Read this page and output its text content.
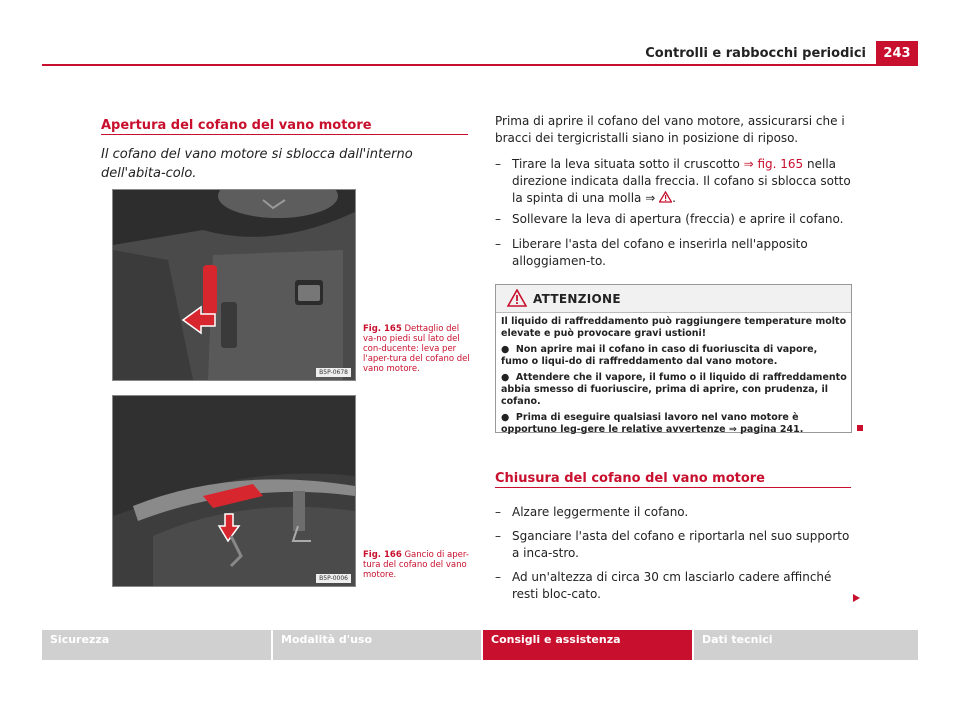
Controlli e rabbocchi periodici	243
Apertura del cofano del vano motore
Il cofano del vano motore si sblocca dall'interno dell'abita-colo.
B5P-0678
Fig. 165 Dettaglio del va-no piedi sul lato del con-ducente: leva per l'aper-tura del cofano del vano motore.
B5P-0006
Fig. 166 Gancio di aper-tura del cofano del vano motore.
Prima di aprire il cofano del vano motore, assicurarsi che i bracci dei tergicristalli siano in posizione di riposo.
– Tirare la leva situata sotto il cruscotto ⇒ fig. 165 nella direzione indicata dalla freccia. Il cofano si sblocca sotto la spinta di una molla ⇒ .
– Sollevare la leva di apertura (freccia) e aprire il cofano.
– Liberare l'asta del cofano e inserirla nell'apposito alloggiamen-to.
ATTENZIONE

Il liquido di raffreddamento può raggiungere temperature molto elevate e può provocare gravi ustioni!

● Non aprire mai il cofano in caso di fuoriuscita di vapore, fumo o liqui-do di raffreddamento dal vano motore.

● Attendere che il vapore, il fumo o il liquido di raffreddamento abbia smesso di fuoriuscire, prima di aprire, con prudenza, il cofano.

● Prima di eseguire qualsiasi lavoro nel vano motore è opportuno leg-gere le relative avvertenze ⇒ pagina 241.

Chiusura del cofano del vano motore
– Alzare leggermente il cofano.
– Sganciare l'asta del cofano e riportarla nel suo supporto a inca-stro.
– Ad un'altezza di circa 30 cm lasciarlo cadere affinché resti bloc-cato.
Sicurezza	Modalità d'uso	Consigli e assistenza	Dati tecnici
